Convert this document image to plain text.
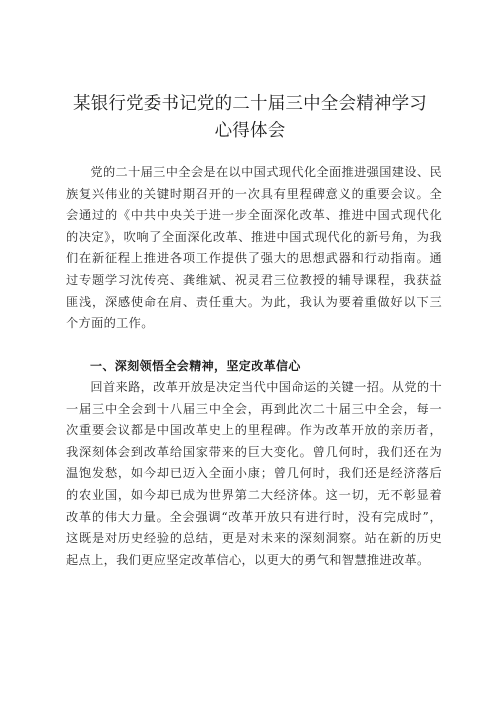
某银行党委书记党的二十届三中全会精神学习
心得体会

党的二十届三中全会是在以中国式现代化全面推进强国建设、民族复兴伟业的关键时期召开的一次具有里程碑意义的重要会议。全会通过的《中共中央关于进一步全面深化改革、推进中国式现代化的决定》，吹响了全面深化改革、推进中国式现代化的新号角，为我们在新征程上推进各项工作提供了强大的思想武器和行动指南。通过专题学习沈传亮、龚维斌、祝灵君三位教授的辅导课程，我获益匪浅，深感使命在肩、责任重大。为此，我认为要着重做好以下三个方面的工作。

一、深刻领悟全会精神，坚定改革信心

回首来路，改革开放是决定当代中国命运的关键一招。从党的十一届三中全会到十八届三中全会，再到此次二十届三中全会，每一次重要会议都是中国改革史上的里程碑。作为改革开放的亲历者，我深刻体会到改革给国家带来的巨大变化。曾几何时，我们还在为温饱发愁，如今却已迈入全面小康；曾几何时，我们还是经济落后的农业国，如今却已成为世界第二大经济体。这一切，无不彰显着改革的伟大力量。全会强调“改革开放只有进行时，没有完成时”，这既是对历史经验的总结，更是对未来的深刻洞察。站在新的历史起点上，我们更应坚定改革信心，以更大的勇气和智慧推进改革。
